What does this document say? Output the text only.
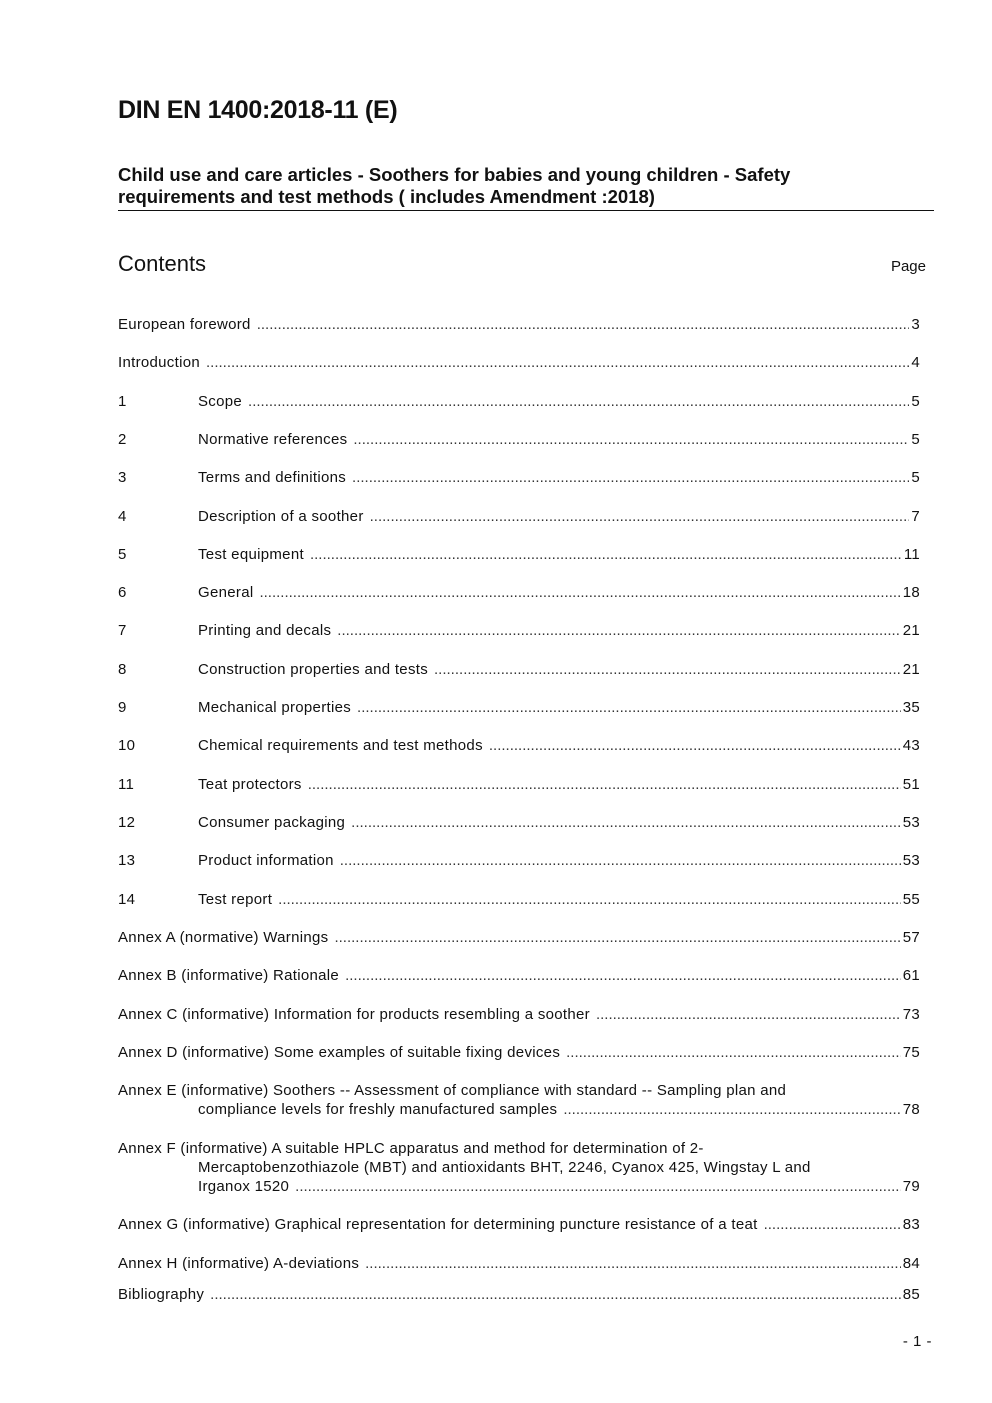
DIN EN 1400:2018-11 (E)
Child use and care articles - Soothers for babies and young children - Safety
requirements and test methods ( includes Amendment :2018)
Contents	Page
European foreword .....	3
Introduction .....	4
1	Scope .....	5
2	Normative references .....	5
3	Terms and definitions .....	5
4	Description of a soother .....	7
5	Test equipment .....	11
6	General .....	18
7	Printing and decals .....	21
8	Construction properties and tests .....	21
9	Mechanical properties .....	35
10	Chemical requirements and test methods .....	43
11	Teat protectors .....	51
12	Consumer packaging .....	53
13	Product information .....	53
14	Test report .....	55
Annex A (normative) Warnings .....	57
Annex B (informative) Rationale .....	61
Annex C (informative) Information for products resembling a soother .....	73
Annex D (informative) Some examples of suitable fixing devices .....	75
Annex E (informative) Soothers -- Assessment of compliance with standard -- Sampling plan and
compliance levels for freshly manufactured samples .....	78
Annex F (informative) A suitable HPLC apparatus and method for determination of 2-
Mercaptobenzothiazole (MBT) and antioxidants BHT, 2246, Cyanox 425, Wingstay L and
Irganox 1520 .....	79
Annex G (informative) Graphical representation for determining puncture resistance of a teat .....	83
Annex H (informative) A-deviations .....	84
Bibliography .....	85
- 1 -
